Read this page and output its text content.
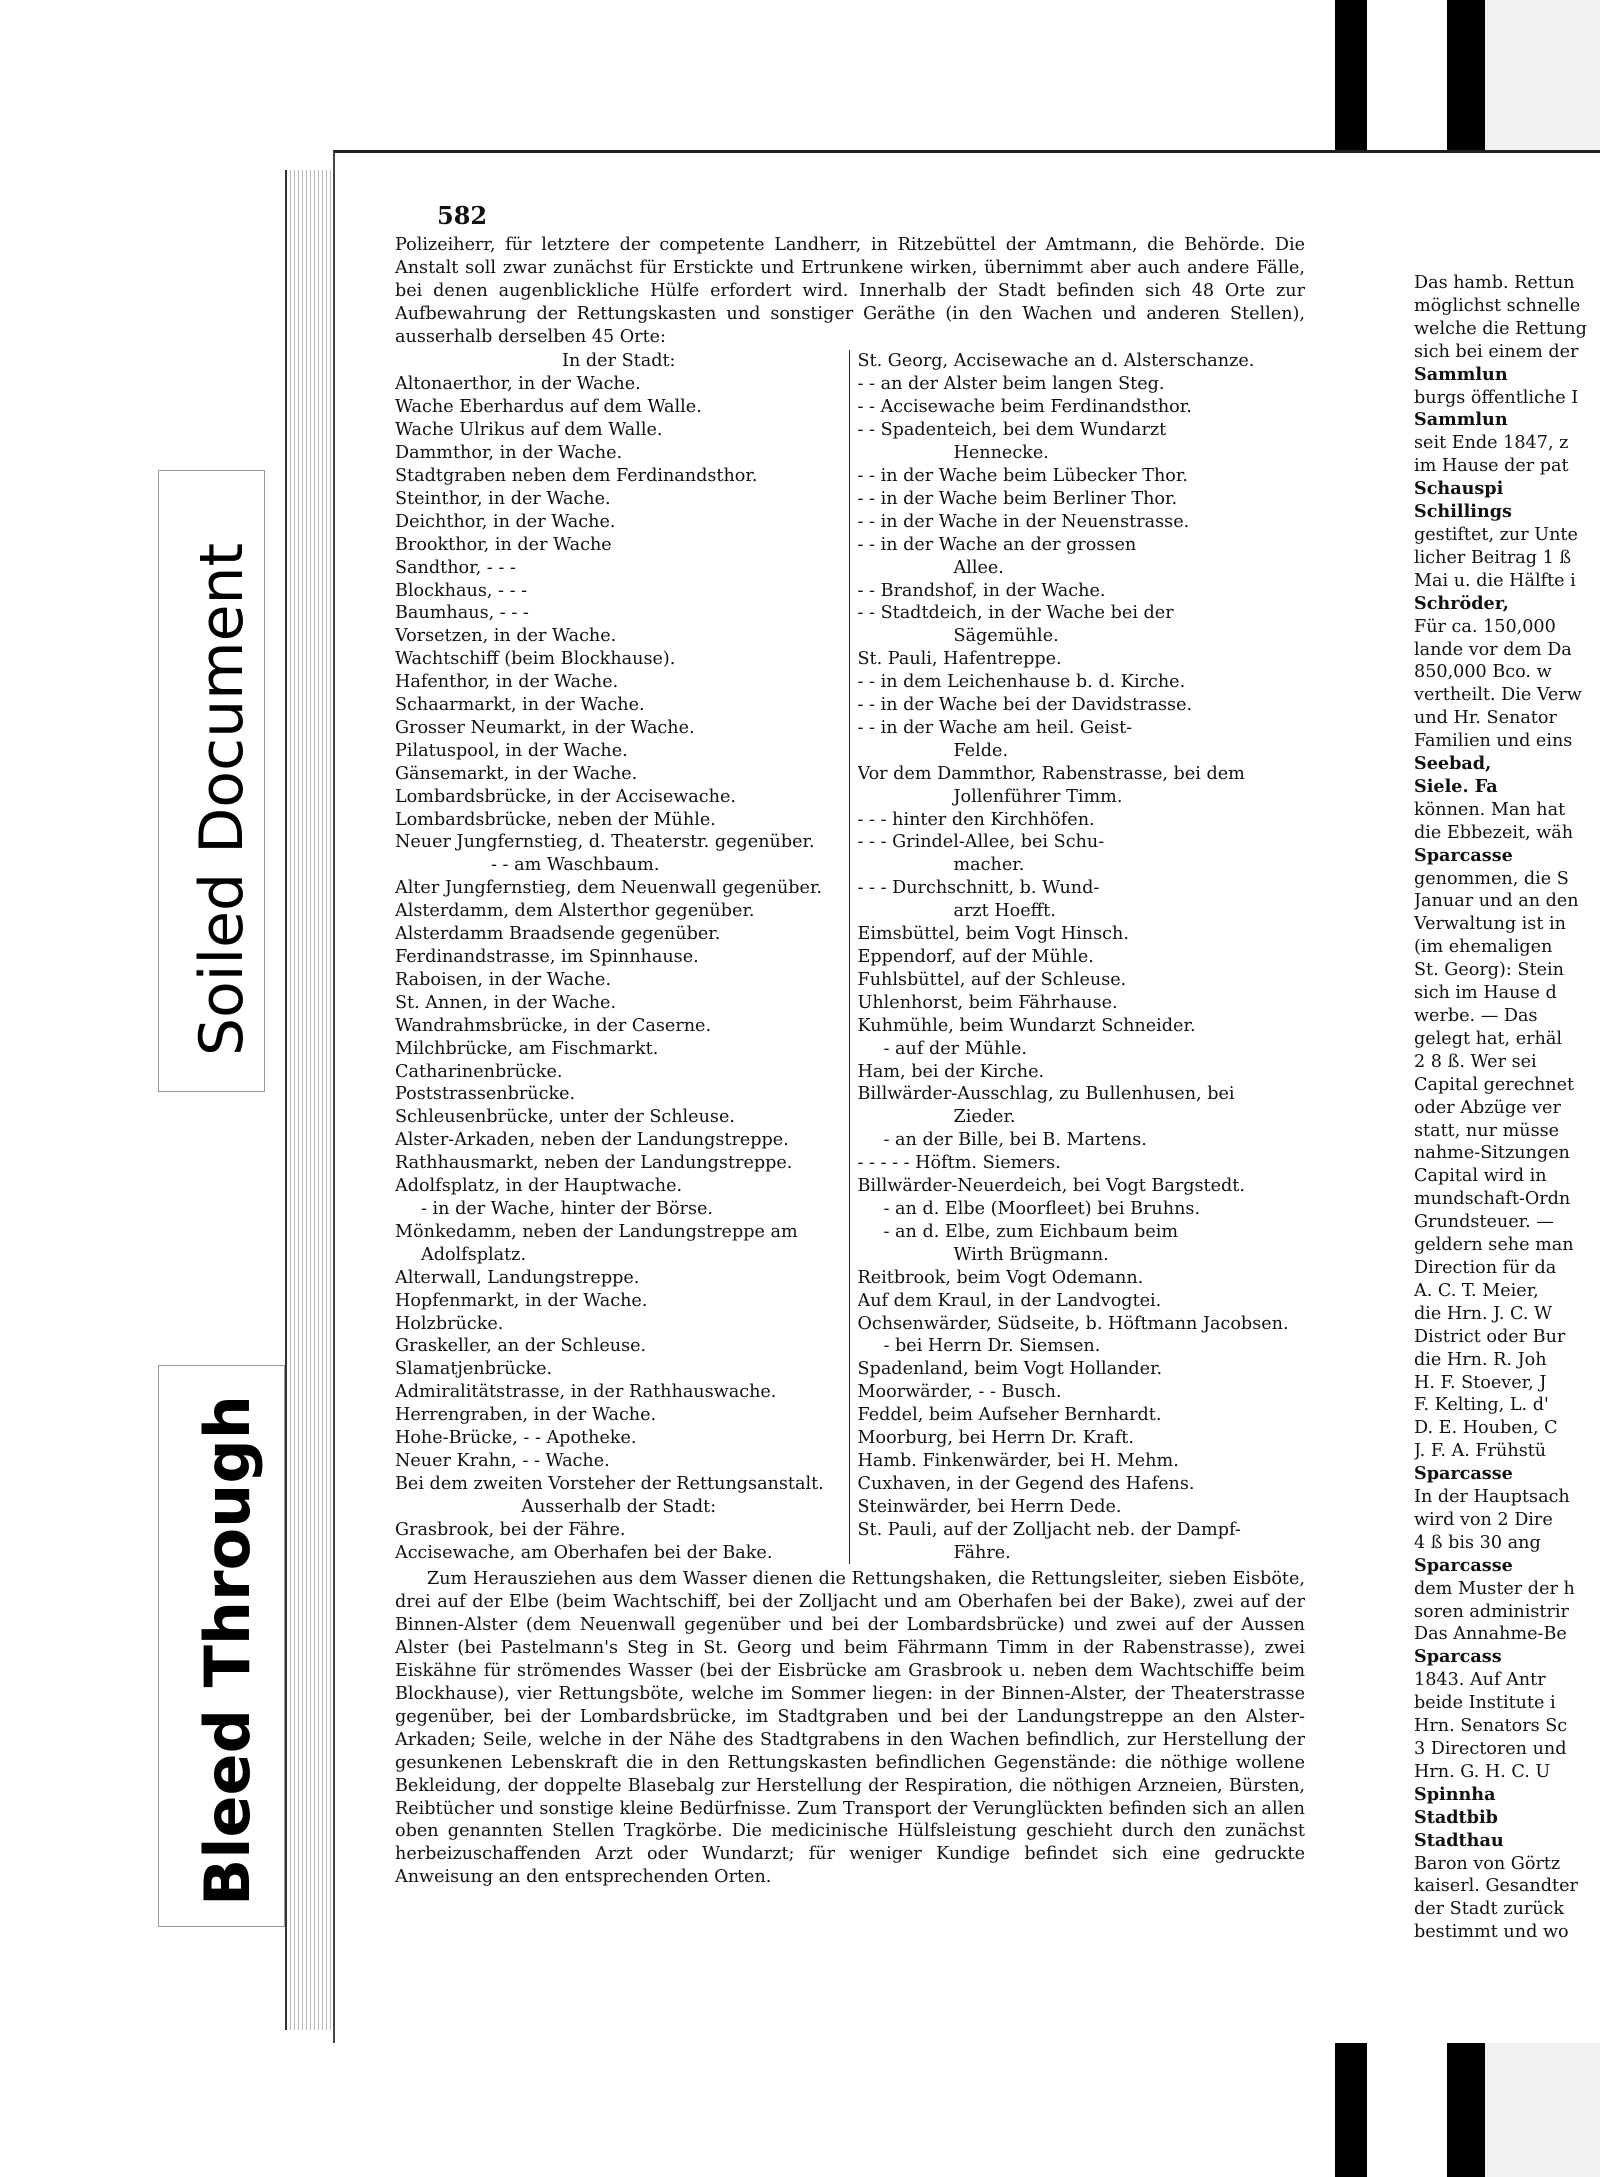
Soiled Document
Bleed Through
582
Polizeiherr, für letztere der competente Landherr, in Ritzebüttel der Amtmann, die Behörde. Die Anstalt soll zwar zunächst für Erstickte und Ertrunkene wirken, übernimmt aber auch andere Fälle, bei denen augenblickliche Hülfe erfordert wird. Innerhalb der Stadt befinden sich 48 Orte zur Aufbewahrung der Rettungskasten und sonstiger Geräthe (in den Wachen und anderen Stellen), ausserhalb derselben 45 Orte:
In der Stadt:
Altonaerthor, in der Wache.
Wache Eberhardus auf dem Walle.
Wache Ulrikus auf dem Walle.
Dammthor, in der Wache.
Stadtgraben neben dem Ferdinandsthor.
Steinthor, in der Wache.
Deichthor, in der Wache.
Brookthor, in der Wache
Sandthor, - - -
Blockhaus, - - -
Baumhaus, - - -
Vorsetzen, in der Wache.
Wachtschiff (beim Blockhause).
Hafenthor, in der Wache.
Schaarmarkt, in der Wache.
Grosser Neumarkt, in der Wache.
Pilatuspool, in der Wache.
Gänsemarkt, in der Wache.
Lombardsbrücke, in der Accisewache.
Lombardsbrücke, neben der Mühle.
Neuer Jungfernstieg, d. Theaterstr. gegenüber.
- - am Waschbaum.
Alter Jungfernstieg, dem Neuenwall gegenüber.
Alsterdamm, dem Alsterthor gegenüber.
Alsterdamm Braadsende gegenüber.
Ferdinandstrasse, im Spinnhause.
Raboisen, in der Wache.
St. Annen, in der Wache.
Wandrahmsbrücke, in der Caserne.
Milchbrücke, am Fischmarkt.
Catharinenbrücke.
Poststrassenbrücke.
Schleusenbrücke, unter der Schleuse.
Alster-Arkaden, neben der Landungstreppe.
Rathhausmarkt, neben der Landungstreppe.
Adolfsplatz, in der Hauptwache.
- in der Wache, hinter der Börse.
Mönkedamm, neben der Landungstreppe am
Adolfsplatz.
Alterwall, Landungstreppe.
Hopfenmarkt, in der Wache.
Holzbrücke.
Graskeller, an der Schleuse.
Slamatjenbrücke.
Admiralitätstrasse, in der Rathhauswache.
Herrengraben, in der Wache.
Hohe-Brücke, - - Apotheke.
Neuer Krahn, - - Wache.
Bei dem zweiten Vorsteher der Rettungsanstalt.
Ausserhalb der Stadt:
Grasbrook, bei der Fähre.
Accisewache, am Oberhafen bei der Bake.
St. Georg, Accisewache an d. Alsterschanze.
- - an der Alster beim langen Steg.
- - Accisewache beim Ferdinandsthor.
- - Spadenteich, bei dem Wundarzt
Hennecke.
- - in der Wache beim Lübecker Thor.
- - in der Wache beim Berliner Thor.
- - in der Wache in der Neuenstrasse.
- - in der Wache an der grossen
Allee.
- - Brandshof, in der Wache.
- - Stadtdeich, in der Wache bei der
Sägemühle.
St. Pauli, Hafentreppe.
- - in dem Leichenhause b. d. Kirche.
- - in der Wache bei der Davidstrasse.
- - in der Wache am heil. Geist-
Felde.
Vor dem Dammthor, Rabenstrasse, bei dem
Jollenführer Timm.
- - - hinter den Kirchhöfen.
- - - Grindel-Allee, bei Schu-
macher.
- - - Durchschnitt, b. Wund-
arzt Hoefft.
Eimsbüttel, beim Vogt Hinsch.
Eppendorf, auf der Mühle.
Fuhlsbüttel, auf der Schleuse.
Uhlenhorst, beim Fährhause.
Kuhmühle, beim Wundarzt Schneider.
- auf der Mühle.
Ham, bei der Kirche.
Billwärder-Ausschlag, zu Bullenhusen, bei
Zieder.
- an der Bille, bei B. Martens.
- - - - - Höftm. Siemers.
Billwärder-Neuerdeich, bei Vogt Bargstedt.
- an d. Elbe (Moorfleet) bei Bruhns.
- an d. Elbe, zum Eichbaum beim
Wirth Brügmann.
Reitbrook, beim Vogt Odemann.
Auf dem Kraul, in der Landvogtei.
Ochsenwärder, Südseite, b. Höftmann Jacobsen.
- bei Herrn Dr. Siemsen.
Spadenland, beim Vogt Hollander.
Moorwärder, - - Busch.
Feddel, beim Aufseher Bernhardt.
Moorburg, bei Herrn Dr. Kraft.
Hamb. Finkenwärder, bei H. Mehm.
Cuxhaven, in der Gegend des Hafens.
Steinwärder, bei Herrn Dede.
St. Pauli, auf der Zolljacht neb. der Dampf-
Fähre.
Zum Herausziehen aus dem Wasser dienen die Rettungshaken, die Rettungsleiter, sieben Eisböte, drei auf der Elbe (beim Wachtschiff, bei der Zolljacht und am Oberhafen bei der Bake), zwei auf der Binnen-Alster (dem Neuenwall gegenüber und bei der Lombardsbrücke) und zwei auf der Aussen Alster (bei Pastelmann's Steg in St. Georg und beim Fährmann Timm in der Rabenstrasse), zwei Eiskähne für strömendes Wasser (bei der Eisbrücke am Grasbrook u. neben dem Wachtschiffe beim Blockhause), vier Rettungsböte, welche im Sommer liegen: in der Binnen-Alster, der Theaterstrasse gegenüber, bei der Lombardsbrücke, im Stadtgraben und bei der Landungstreppe an den Alster-Arkaden; Seile, welche in der Nähe des Stadtgrabens in den Wachen befindlich, zur Herstellung der gesunkenen Lebenskraft die in den Rettungskasten befindlichen Gegenstände: die nöthige wollene Bekleidung, der doppelte Blasebalg zur Herstellung der Respiration, die nöthigen Arzneien, Bürsten, Reibtücher und sonstige kleine Bedürfnisse. Zum Transport der Verunglückten befinden sich an allen oben genannten Stellen Tragkörbe. Die medicinische Hülfsleistung geschieht durch den zunächst herbeizuschaffenden Arzt oder Wundarzt; für weniger Kundige befindet sich eine gedruckte Anweisung an den entsprechenden Orten.
Das hamb. Rettun
möglichst schnelle
welche die Rettung
sich bei einem der
Sammlun
burgs öffentliche I
Sammlun
seit Ende 1847, z
im Hause der pat
Schauspi
Schillings
gestiftet, zur Unte
licher Beitrag 1 ß
Mai u. die Hälfte i
Schröder,
Für ca. 150,000
lande vor dem Da
850,000 Bco. w
vertheilt. Die Verw
und Hr. Senator
Familien und eins
Seebad,
Siele. Fa
können. Man hat
die Ebbezeit, wäh
Sparcasse
genommen, die S
Januar und an den
Verwaltung ist in
(im ehemaligen
St. Georg): Stein
sich im Hause d
werbe. — Das
gelegt hat, erhäl
2 8 ß. Wer sei
Capital gerechnet
oder Abzüge ver
statt, nur müsse
nahme-Sitzungen
Capital wird in
mundschaft-Ordn
Grundsteuer. —
geldern sehe man
Direction für da
A. C. T. Meier,
die Hrn. J. C. W
District oder Bur
die Hrn. R. Joh
H. F. Stoever, J
F. Kelting, L. d'
D. E. Houben, C
J. F. A. Frühstü
Sparcasse
In der Hauptsach
wird von 2 Dire
4 ß bis 30 ang
Sparcasse
dem Muster der h
soren administrir
Das Annahme-Be
Sparcass
1843. Auf Antr
beide Institute i
Hrn. Senators Sc
3 Directoren und
Hrn. G. H. C. U
Spinnha
Stadtbib
Stadthau
Baron von Görtz
kaiserl. Gesandter
der Stadt zurück
bestimmt und wo
